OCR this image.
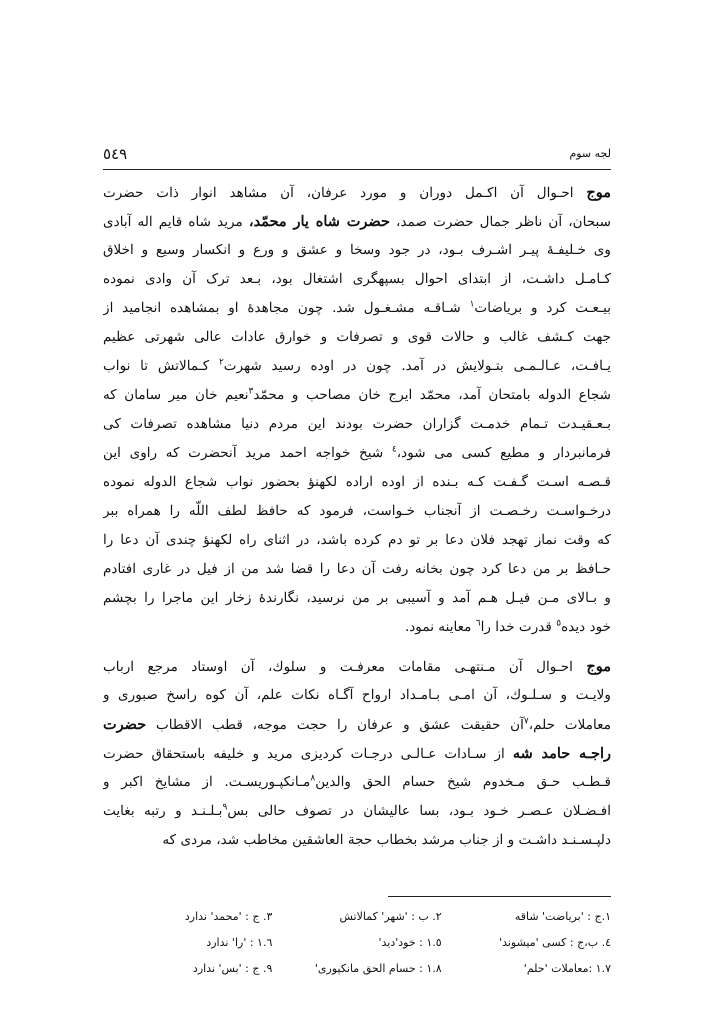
٥٤٩	لجه سوم
موج احـوال آن اكـمل دوران و مورد عرفان، آن مشاهد انوار ذات حضرت
سبحان، آن ناظر جمال حضرت صمد، حضرت شاه يار محمّد، مريد شاه قايم اله آبادى
وى خـليفـهٔ پيـر اشـرف بـود، در جود وسخا و عشق و ورع و انكسار وسيع و اخلاق
كـامـل داشـت، از ابتداى احوال بسپهگرى اشتغال بود، بـعد ترک آن وادى نموده
بيـعـت كرد و برياضات$^١$ شـاقـه مشـغـول شد. چون مجاهدهٔ او بمشاهده انجاميد از
جهت كـشف غالب و حالات قوى و تصرفات و خوارق عادات عالى شهرتى عظيم
يـافـت، عـالـمـى بتـولايش در آمد. چون در اوده رسيد شهرت$^٢$ كـمالاتش تا نواب
شجاع الدوله بامتحان آمد، محمّد ايرج خان مصاحب و محمّد$^٣$نعيم خان مير سامان كه
بـعـقيـدت تـمام خدمـت گزاران حضرت بودند اين مردم دنيا مشاهده تصرفات كى
فرمانبردار و مطيع كسى مى شود،$^٤$ شيخ خواجه احمد مريد آنحضرت كه راوى اين
قـصـه اسـت گـفـت كـه بـنده از اوده اراده لكهنؤ بحضور نواب شجاع الدوله نموده
درخـواسـت رخـصـت از آنجناب خـواست، فرمود كه حافظ لطف اللّه را همراه ببر
كه وقت نماز تهجد فلان دعا بر تو دم كرده باشد، در اثناى راه لكهنؤ چندى آن دعا را
حـافظ بر من دعا كرد چون بخانه رفت آن دعا را قضا شد من از فيل در غارى افتادم
و بـالاى مـن فيـل هـم آمد و آسيبى بر من نرسيد، نگارندهٔ زخار اين ماجرا را بچشم
خود ديده$^٥$ قدرت خدا را$^٦$ معاينه نمود.
موج احـوال آن مـنتهـى مقامات معرفـت و سلوك، آن اوستاد مرجع ارباب
ولايـت و سـلـوك، آن امـى بـامـداد ارواح آگـاه نكات علم، آن كوه راسخ صبورى و
معاملات حلم،$^٧$آن حقيقت عشق و عرفان را حجت موجه، قطب الاقطاب حضرت
راجـه حامد شه از سـادات عـالـى درجـات كردیزى مريد و خليفه باستحقاق حضرت
قـطـب حـق مـخدوم شيخ حسام الحق والدين$^٨$مـانكپـوريسـت. از مشايخ اكبر و
افـضـلان عـصـر خـود بـود، بسا عاليشان در تصوف حالى بس$^٩$بـلـنـد و رتبه بغايت
دلپـسـنـد داشـت و از جناب مرشد بخطاب حجة العاشقين مخاطب شد، مردى كه
١.ج : 'برياضت' شاقه
٢. ب : 'شهر' كمالاتش
٣. ج : 'محمد' ندارد
٤. ب،ج : كسى 'ميشوند'
١.٥ : خود'ديد'
١.٦ : 'را' ندارد
١.٧ :معاملات 'حلم'
١.٨ : حسام الحق مانكپورى'
٩. ج : 'بس' ندارد
